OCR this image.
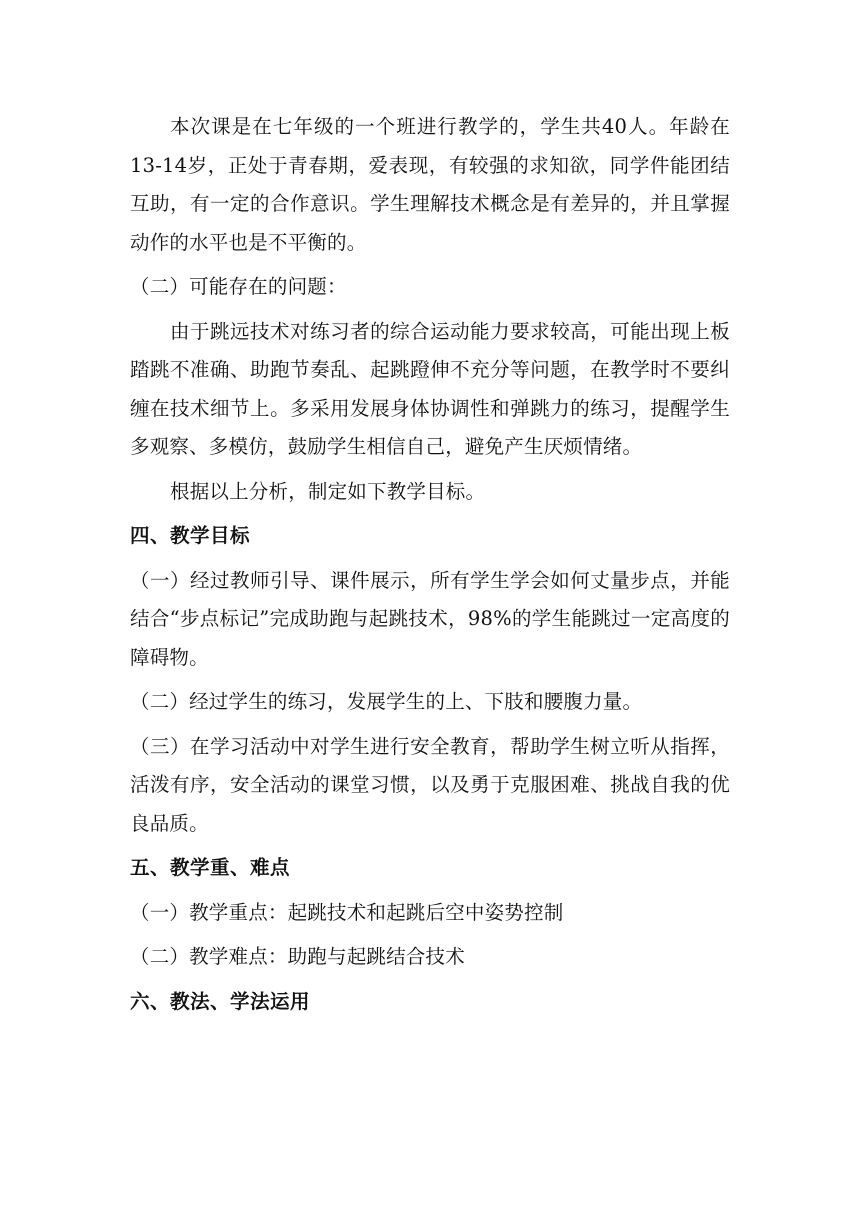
本次课是在七年级的一个班进行教学的，学生共40人。年龄在13-14岁，正处于青春期，爱表现，有较强的求知欲，同学件能团结互助，有一定的合作意识。学生理解技术概念是有差异的，并且掌握动作的水平也是不平衡的。

（二）可能存在的问题：

由于跳远技术对练习者的综合运动能力要求较高，可能出现上板踏跳不准确、助跑节奏乱、起跳蹬伸不充分等问题，在教学时不要纠缠在技术细节上。多采用发展身体协调性和弹跳力的练习，提醒学生多观察、多模仿，鼓励学生相信自己，避免产生厌烦情绪。

根据以上分析，制定如下教学目标。

四、教学目标

（一）经过教师引导、课件展示，所有学生学会如何丈量步点，并能结合“步点标记”完成助跑与起跳技术，98%的学生能跳过一定高度的障碍物。

（二）经过学生的练习，发展学生的上、下肢和腰腹力量。

（三）在学习活动中对学生进行安全教育，帮助学生树立听从指挥，活泼有序，安全活动的课堂习惯，以及勇于克服困难、挑战自我的优良品质。

五、教学重、难点

（一）教学重点：起跳技术和起跳后空中姿势控制

（二）教学难点：助跑与起跳结合技术

六、教法、学法运用
